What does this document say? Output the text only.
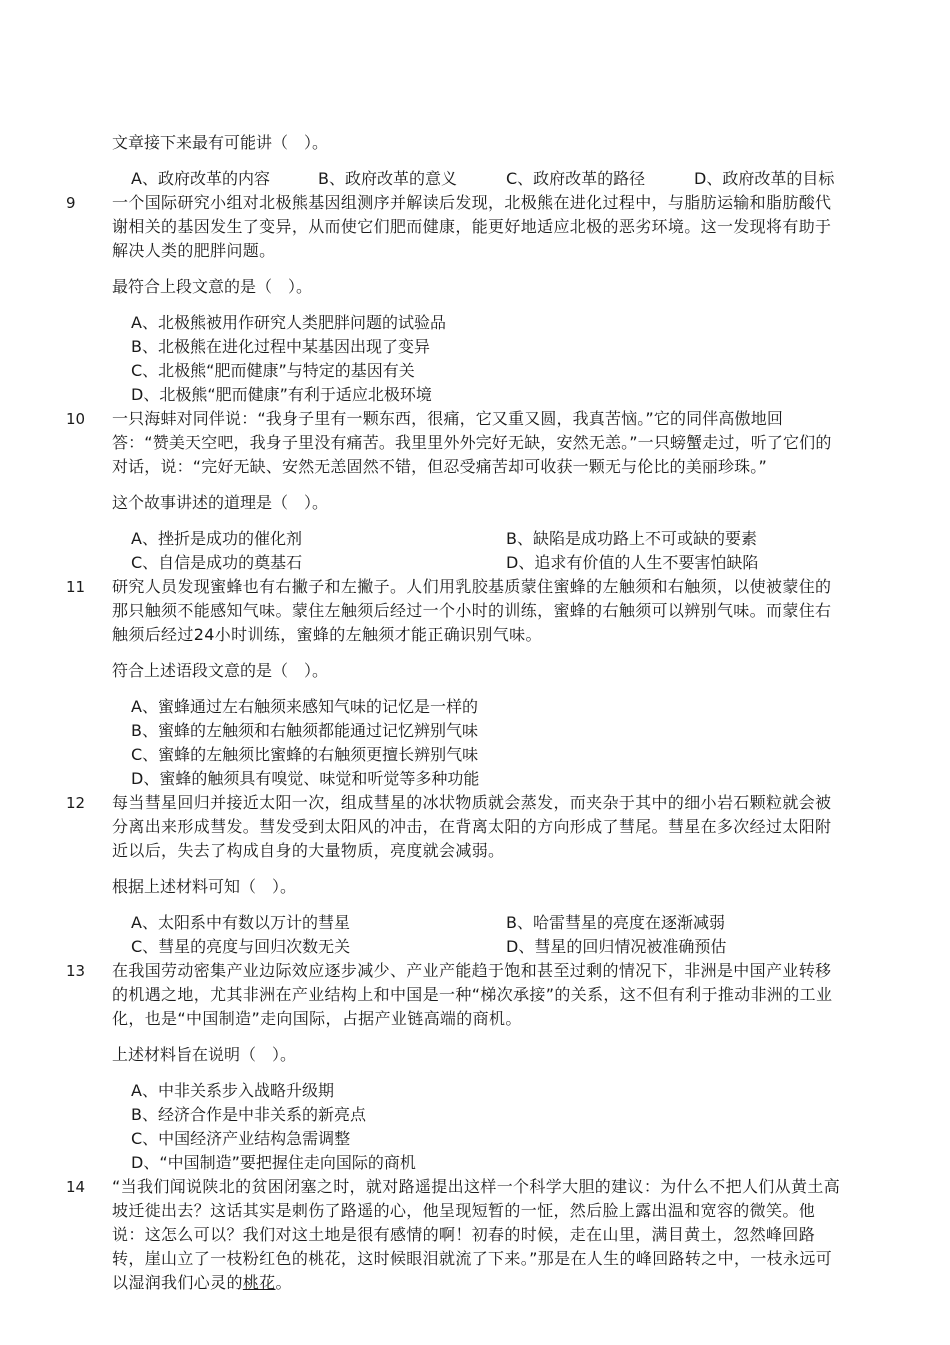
文章接下来最有可能讲（　）。
A、政府改革的内容	B、政府改革的意义	C、政府改革的路径	D、政府改革的目标
9 一个国际研究小组对北极熊基因组测序并解读后发现，北极熊在进化过程中，与脂肪运输和脂肪酸代
谢相关的基因发生了变异，从而使它们肥而健康，能更好地适应北极的恶劣环境。这一发现将有助于
解决人类的肥胖问题。
最符合上段文意的是（　）。
A、北极熊被用作研究人类肥胖问题的试验品
B、北极熊在进化过程中某基因出现了变异
C、北极熊“肥而健康”与特定的基因有关
D、北极熊“肥而健康”有利于适应北极环境
10 一只海蚌对同伴说：“我身子里有一颗东西，很痛，它又重又圆，我真苦恼。”它的同伴高傲地回
答：“赞美天空吧，我身子里没有痛苦。我里里外外完好无缺，安然无恙。”一只螃蟹走过，听了它们的
对话，说：“完好无缺、安然无恙固然不错，但忍受痛苦却可收获一颗无与伦比的美丽珍珠。”
这个故事讲述的道理是（　）。
A、挫折是成功的催化剂	B、缺陷是成功路上不可或缺的要素
C、自信是成功的奠基石	D、追求有价值的人生不要害怕缺陷
11 研究人员发现蜜蜂也有右撇子和左撇子。人们用乳胶基质蒙住蜜蜂的左触须和右触须，以使被蒙住的
那只触须不能感知气味。蒙住左触须后经过一个小时的训练，蜜蜂的右触须可以辨别气味。而蒙住右
触须后经过24小时训练，蜜蜂的左触须才能正确识别气味。
符合上述语段文意的是（　）。
A、蜜蜂通过左右触须来感知气味的记忆是一样的
B、蜜蜂的左触须和右触须都能通过记忆辨别气味
C、蜜蜂的左触须比蜜蜂的右触须更擅长辨别气味
D、蜜蜂的触须具有嗅觉、味觉和听觉等多种功能
12 每当彗星回归并接近太阳一次，组成彗星的冰状物质就会蒸发，而夹杂于其中的细小岩石颗粒就会被
分离出来形成彗发。彗发受到太阳风的冲击，在背离太阳的方向形成了彗尾。彗星在多次经过太阳附
近以后，失去了构成自身的大量物质，亮度就会减弱。
根据上述材料可知（　）。
A、太阳系中有数以万计的彗星	B、哈雷彗星的亮度在逐渐减弱
C、彗星的亮度与回归次数无关	D、彗星的回归情况被准确预估
13 在我国劳动密集产业边际效应逐步减少、产业产能趋于饱和甚至过剩的情况下，非洲是中国产业转移
的机遇之地，尤其非洲在产业结构上和中国是一种“梯次承接”的关系，这不但有利于推动非洲的工业
化，也是“中国制造”走向国际，占据产业链高端的商机。
上述材料旨在说明（　）。
A、中非关系步入战略升级期
B、经济合作是中非关系的新亮点
C、中国经济产业结构急需调整
D、“中国制造”要把握住走向国际的商机
14 “当我们闻说陕北的贫困闭塞之时，就对路遥提出这样一个科学大胆的建议：为什么不把人们从黄土高
坡迁徙出去？这话其实是刺伤了路遥的心，他呈现短暂的一怔，然后脸上露出温和宽容的微笑。他
说：这怎么可以？我们对这土地是很有感情的啊！初春的时候，走在山里，满目黄土，忽然峰回路
转，崖山立了一枝粉红色的桃花，这时候眼泪就流了下来。”那是在人生的峰回路转之中，一枝永远可
以湿润我们心灵的桃花。
